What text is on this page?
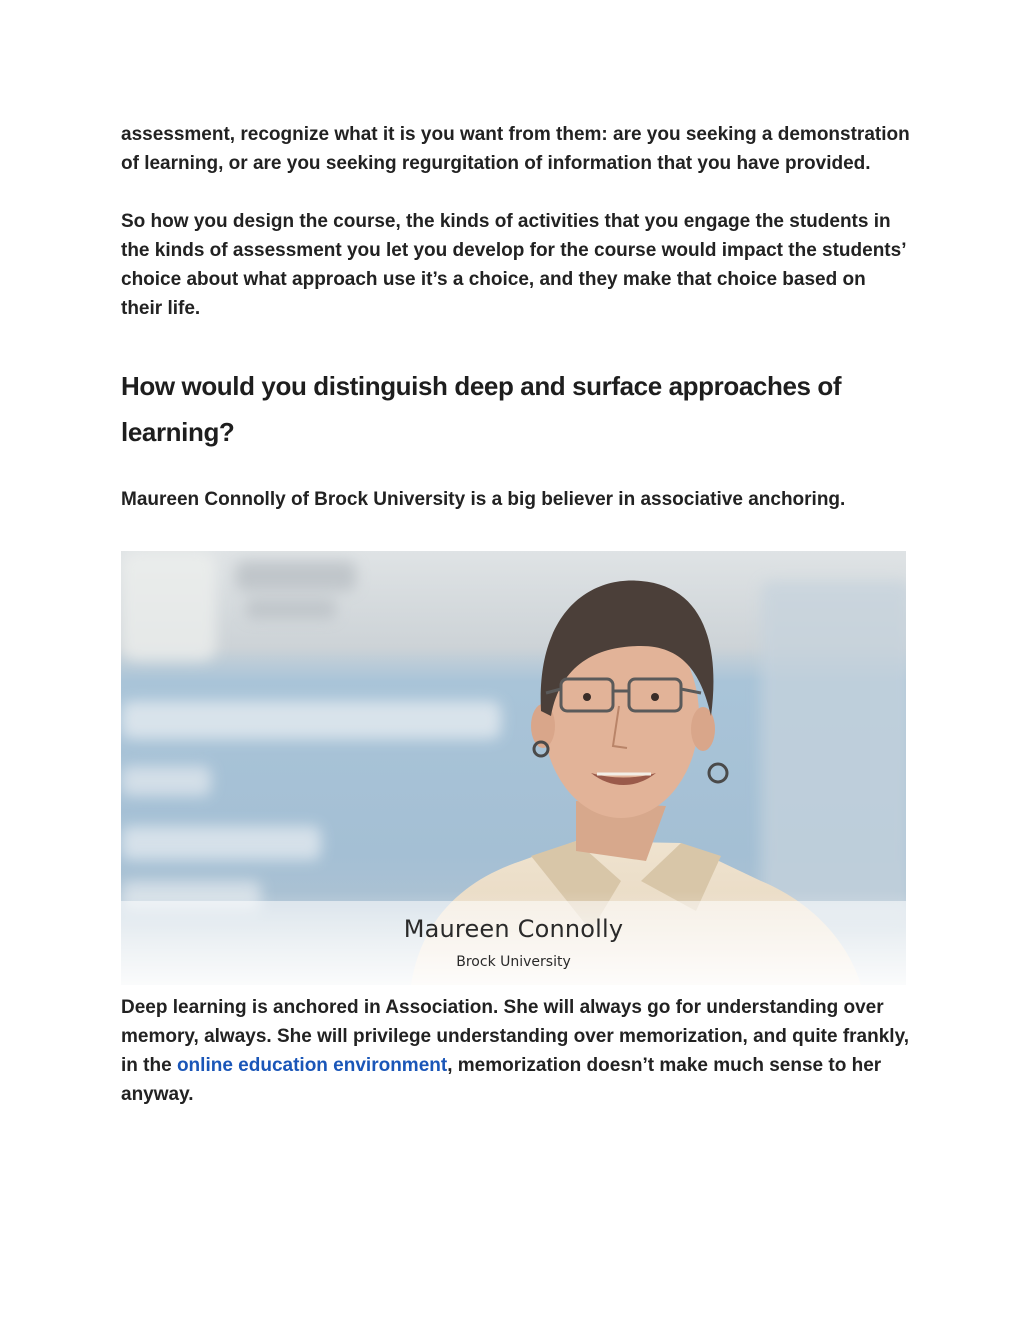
assessment, recognize what it is you want from them: are you seeking a demonstration of learning, or are you seeking regurgitation of information that you have provided.

So how you design the course, the kinds of activities that you engage the students in the kinds of assessment you let you develop for the course would impact the students’ choice about what approach use it’s a choice, and they make that choice based on their life.

How would you distinguish deep and surface approaches of learning?

Maureen Connolly of Brock University is a big believer in associative anchoring.

Maureen Connolly
Brock University

Deep learning is anchored in Association. She will always go for understanding over memory, always. She will privilege understanding over memorization, and quite frankly, in the online education environment, memorization doesn’t make much sense to her anyway.
